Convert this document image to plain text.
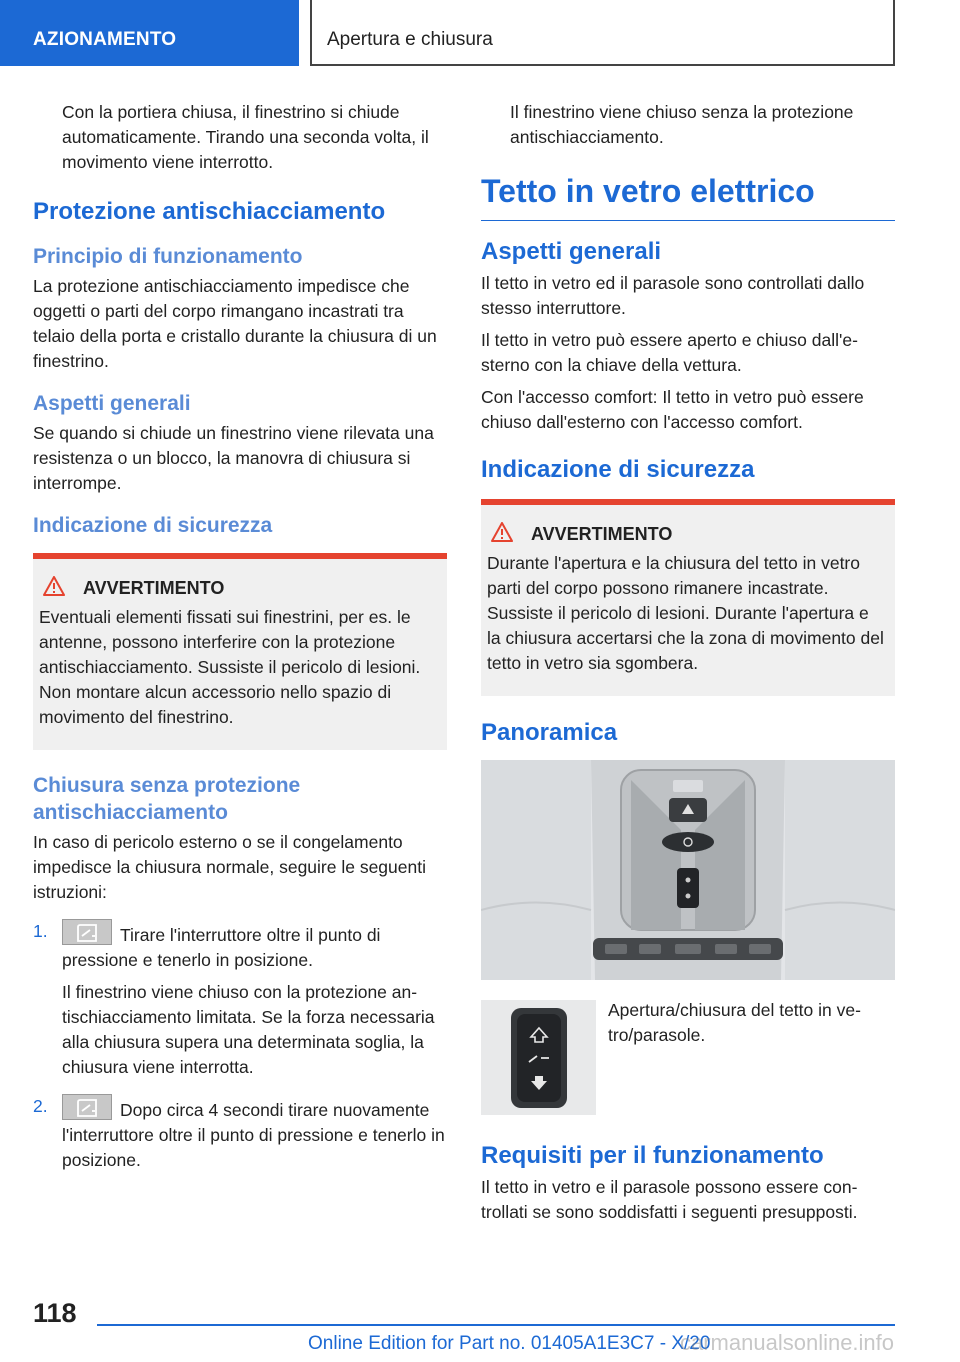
AZIONAMENTO	Apertura e chiusura

Con la portiera chiusa, il finestrino si chiude automaticamente. Tirando una seconda volta, il movimento viene interrotto.

Protezione antischiacciamento
Principio di funzionamento

La protezione antischiacciamento impedisce che oggetti o parti del corpo rimangano incastrati tra telaio della porta e cristallo durante la chiusura di un finestrino.

Aspetti generali

Se quando si chiude un finestrino viene rilevata una resistenza o un blocco, la manovra di chiusura si interrompe.

Indicazione di sicurezza
AVVERTIMENTO

Eventuali elementi fissati sui finestrini, per es. le antenne, possono interferire con la protezione antischiacciamento. Sussiste il pericolo di lesioni. Non montare alcun accessorio nello spazio di movimento del finestrino.

Chiusura senza protezione antischiacciamento

In caso di pericolo esterno o se il congelamento impedisce la chiusura normale, seguire le seguenti istruzioni:

1.	Tirare l'interruttore oltre il punto di pressione e tenerlo in posizione.

Il finestrino viene chiuso con la protezione antischiacciamento limitata. Se la forza necessaria alla chiusura supera una determinata soglia, la chiusura viene interrotta.

2.	Dopo circa 4 secondi tirare nuovamente l'interruttore oltre il punto di pressione e tenerlo in posizione.

Il finestrino viene chiuso senza la protezione antischiacciamento.

Tetto in vetro elettrico
Aspetti generali

Il tetto in vetro ed il parasole sono controllati dallo stesso interruttore.

Il tetto in vetro può essere aperto e chiuso dall'esterno con la chiave della vettura.

Con l'accesso comfort: Il tetto in vetro può essere chiuso dall'esterno con l'accesso comfort.

Indicazione di sicurezza
AVVERTIMENTO

Durante l'apertura e la chiusura del tetto in vetro parti del corpo possono rimanere incastrate. Sussiste il pericolo di lesioni. Durante l'apertura e la chiusura accertarsi che la zona di movimento del tetto in vetro sia sgombera.

Panoramica

Apertura/chiusura del tetto in vetro/parasole.

Requisiti per il funzionamento

Il tetto in vetro e il parasole possono essere controllati se sono soddisfatti i seguenti presupposti.

118
Online Edition for Part no. 01405A1E3C7 - X/20
carmanualsonline.info
